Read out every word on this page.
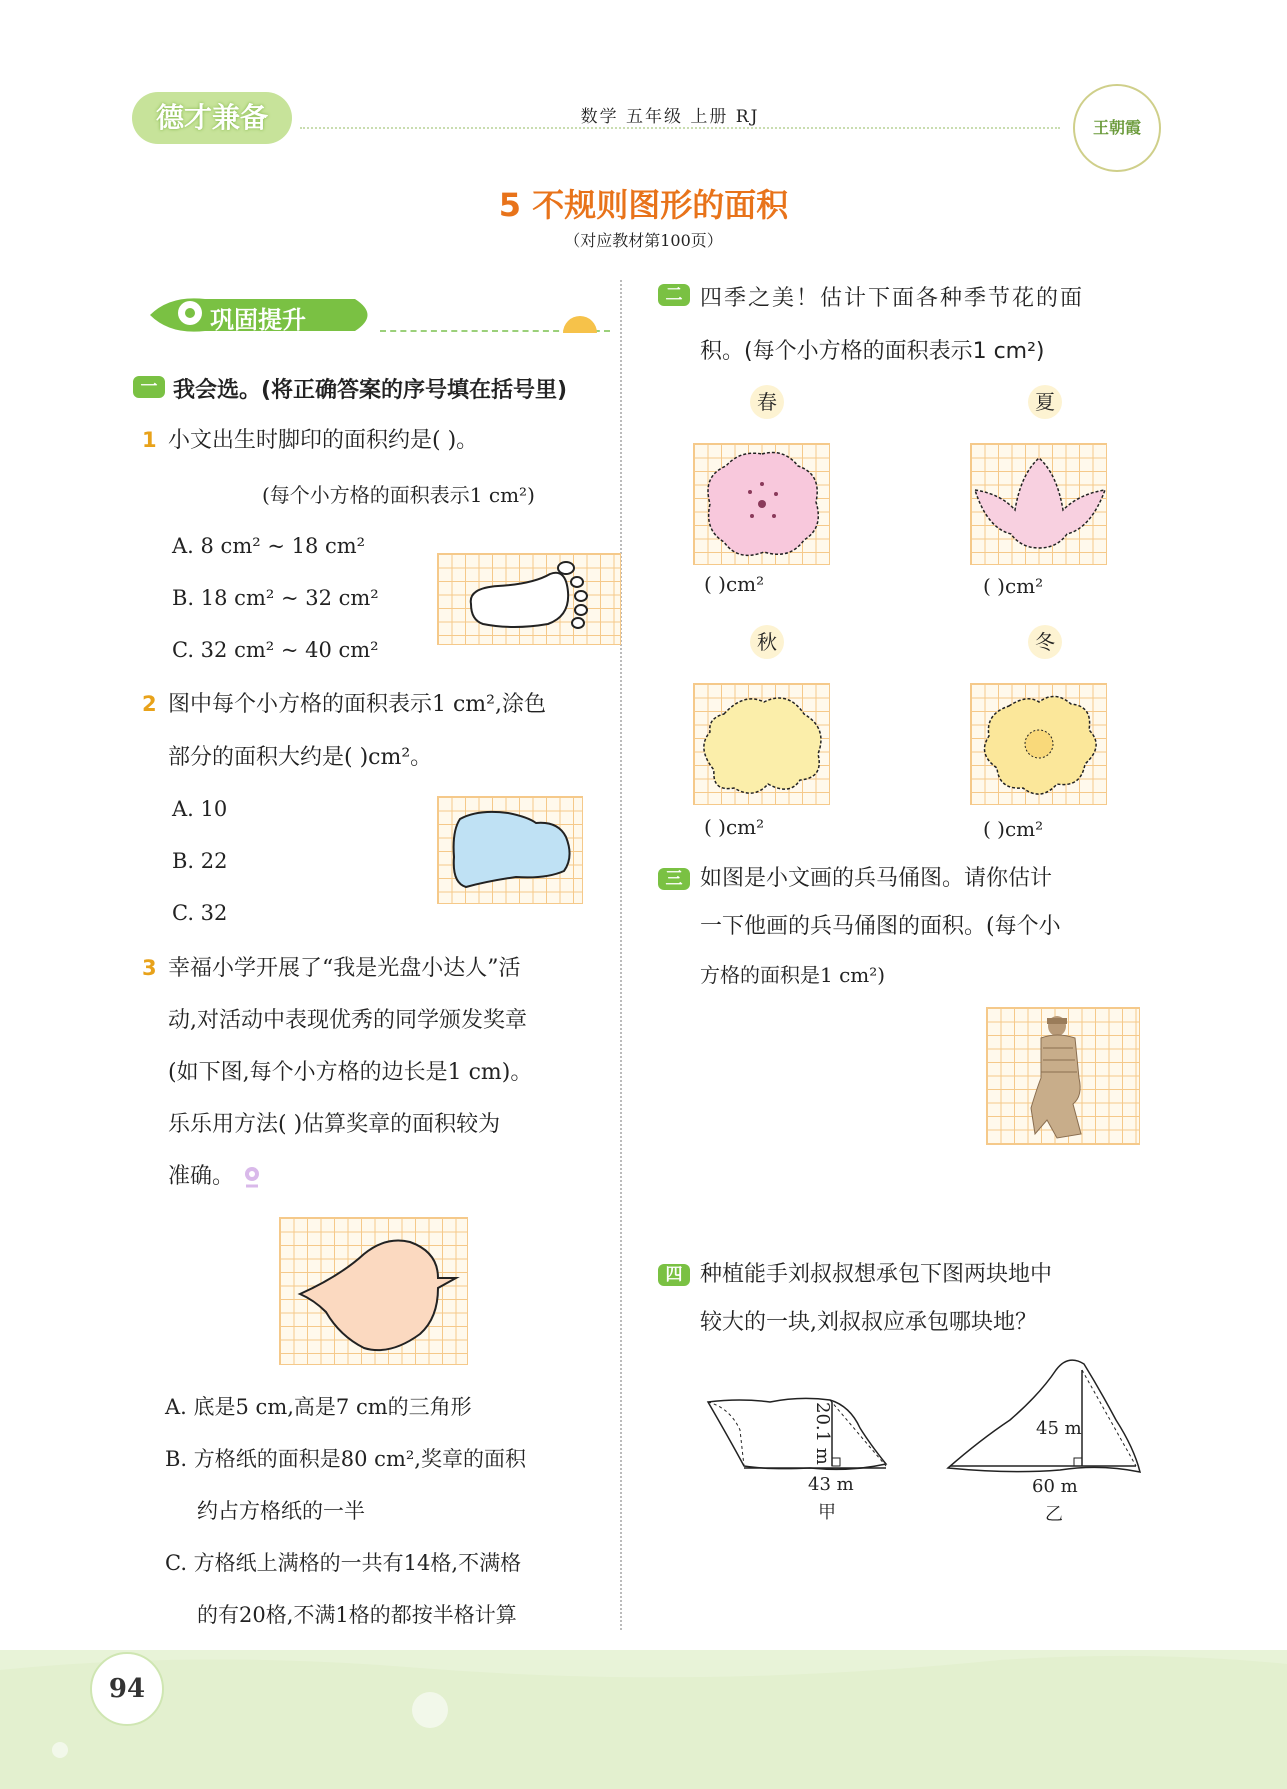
德才兼备	数学 五年级 上册 RJ
王朝霞
5 不规则图形的面积
（对应教材第100页）
巩固提升
一 我会选。(将正确答案的序号填在括号里)
1 小文出生时脚印的面积约是( )。
(每个小方格的面积表示1 cm²)
A. 8 cm² ~ 18 cm²
B. 18 cm² ~ 32 cm²
C. 32 cm² ~ 40 cm²
2 图中每个小方格的面积表示1 cm²,涂色
部分的面积大约是( )cm²。
A. 10
B. 22
C. 32
3 幸福小学开展了“我是光盘小达人”活
动,对活动中表现优秀的同学颁发奖章
(如下图,每个小方格的边长是1 cm)。
乐乐用方法( )估算奖章的面积较为
准确。
A. 底是5 cm,高是7 cm的三角形
B. 方格纸的面积是80 cm²,奖章的面积
约占方格纸的一半
C. 方格纸上满格的一共有14格,不满格
的有20格,不满1格的都按半格计算
二 四季之美！估计下面各种季节花的面
积。(每个小方格的面积表示1 cm²)
春	夏
( )cm²	( )cm²
秋	冬
( )cm²	( )cm²
三 如图是小文画的兵马俑图。请你估计
一下他画的兵马俑图的面积。(每个小
方格的面积是1 cm²)
四 种植能手刘叔叔想承包下图两块地中
较大的一块,刘叔叔应承包哪块地？
20.1 m
43 m
甲
45 m
60 m
乙
94
